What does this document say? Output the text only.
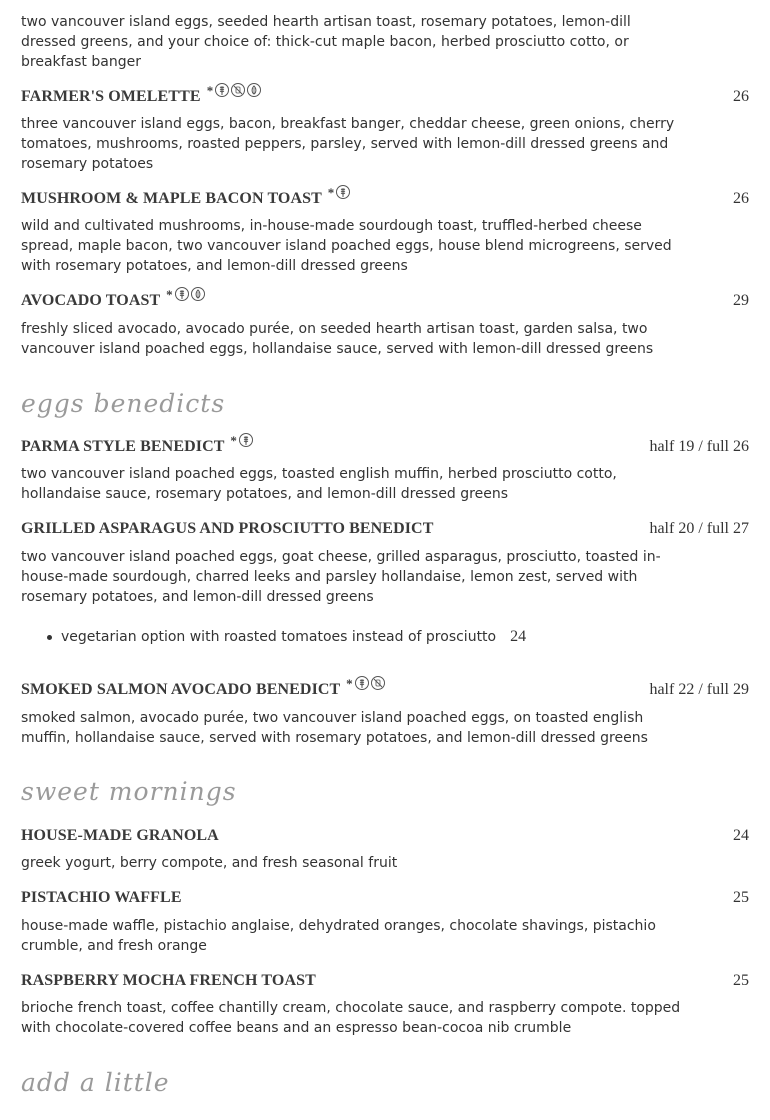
two vancouver island eggs, seeded hearth artisan toast, rosemary potatoes, lemon-dill dressed greens, and your choice of: thick-cut maple bacon, herbed prosciutto cotto, or breakfast banger
FARMER'S OMELETTE *	26
three vancouver island eggs, bacon, breakfast banger, cheddar cheese, green onions, cherry tomatoes, mushrooms, roasted peppers, parsley, served with lemon-dill dressed greens and rosemary potatoes
MUSHROOM & MAPLE BACON TOAST *	26
wild and cultivated mushrooms, in-house-made sourdough toast, truffled-herbed cheese spread, maple bacon, two vancouver island poached eggs, house blend microgreens, served with rosemary potatoes, and lemon-dill dressed greens
AVOCADO TOAST *	29
freshly sliced avocado, avocado purée, on seeded hearth artisan toast, garden salsa, two vancouver island poached eggs, hollandaise sauce, served with lemon-dill dressed greens
eggs benedicts
PARMA STYLE BENEDICT *	half 19 / full 26
two vancouver island poached eggs, toasted english muffin, herbed prosciutto cotto, hollandaise sauce, rosemary potatoes, and lemon-dill dressed greens
GRILLED ASPARAGUS AND PROSCIUTTO BENEDICT	half 20 / full 27
two vancouver island poached eggs, goat cheese, grilled asparagus, prosciutto, toasted in-house-made sourdough, charred leeks and parsley hollandaise, lemon zest, served with rosemary potatoes, and lemon-dill dressed greens
vegetarian option with roasted tomatoes instead of prosciutto 24
SMOKED SALMON AVOCADO BENEDICT *	half 22 / full 29
smoked salmon, avocado purée, two vancouver island poached eggs, on toasted english muffin, hollandaise sauce, served with rosemary potatoes, and lemon-dill dressed greens
sweet mornings
HOUSE-MADE GRANOLA	24
greek yogurt, berry compote, and fresh seasonal fruit
PISTACHIO WAFFLE	25
house-made waffle, pistachio anglaise, dehydrated oranges, chocolate shavings, pistachio crumble, and fresh orange
RASPBERRY MOCHA FRENCH TOAST	25
brioche french toast, coffee chantilly cream, chocolate sauce, and raspberry compote. topped with chocolate-covered coffee beans and an espresso bean-cocoa nib crumble
add a little
